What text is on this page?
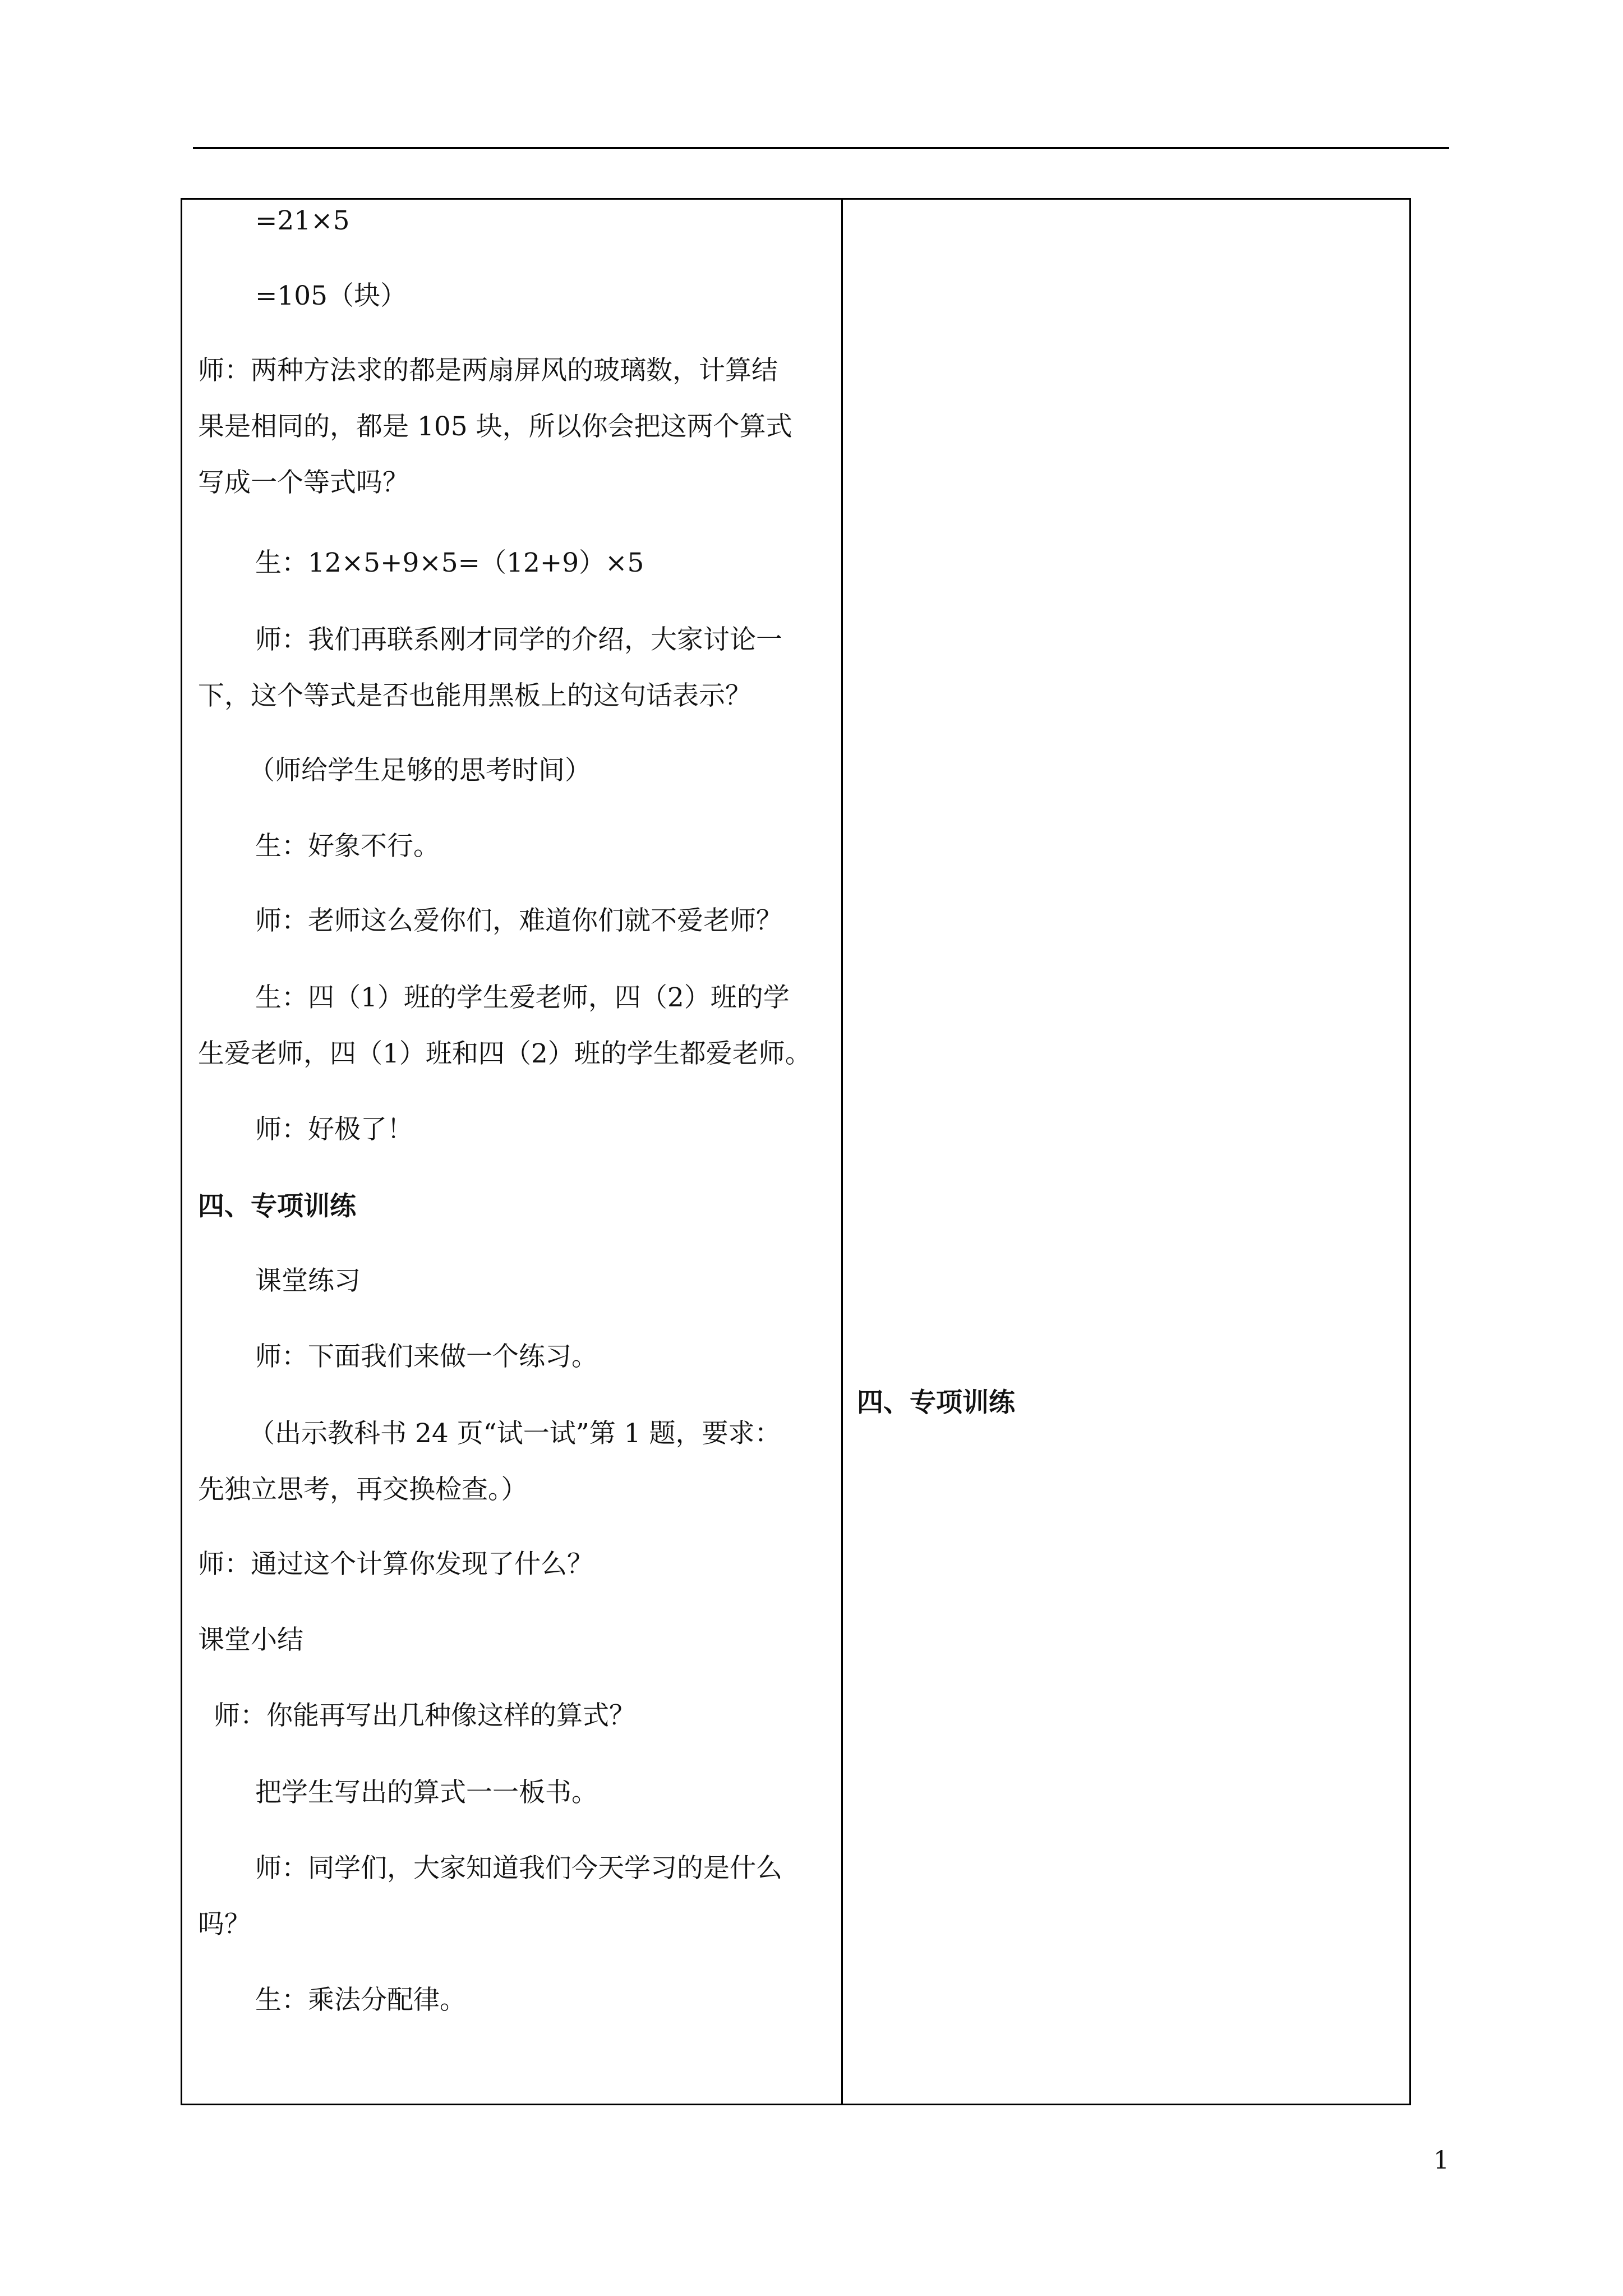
=21×5
=105（块）
师：两种方法求的都是两扇屏风的玻璃数，计算结
果是相同的，都是 105 块，所以你会把这两个算式
写成一个等式吗？
生：12×5+9×5=（12+9）×5
师：我们再联系刚才同学的介绍，大家讨论一
下，这个等式是否也能用黑板上的这句话表示？
（师给学生足够的思考时间）
生：好象不行。
师：老师这么爱你们，难道你们就不爱老师？
生：四（1）班的学生爱老师，四（2）班的学
生爱老师，四（1）班和四（2）班的学生都爱老师。
师：好极了！
四、专项训练
课堂练习
师：下面我们来做一个练习。
（出示教科书 24 页“试一试”第 1 题，要求：
先独立思考，再交换检查。）
师：通过这个计算你发现了什么？
课堂小结
师：你能再写出几种像这样的算式？
把学生写出的算式一一板书。
师：同学们，大家知道我们今天学习的是什么
吗？
生：乘法分配律。
四、专项训练
1
